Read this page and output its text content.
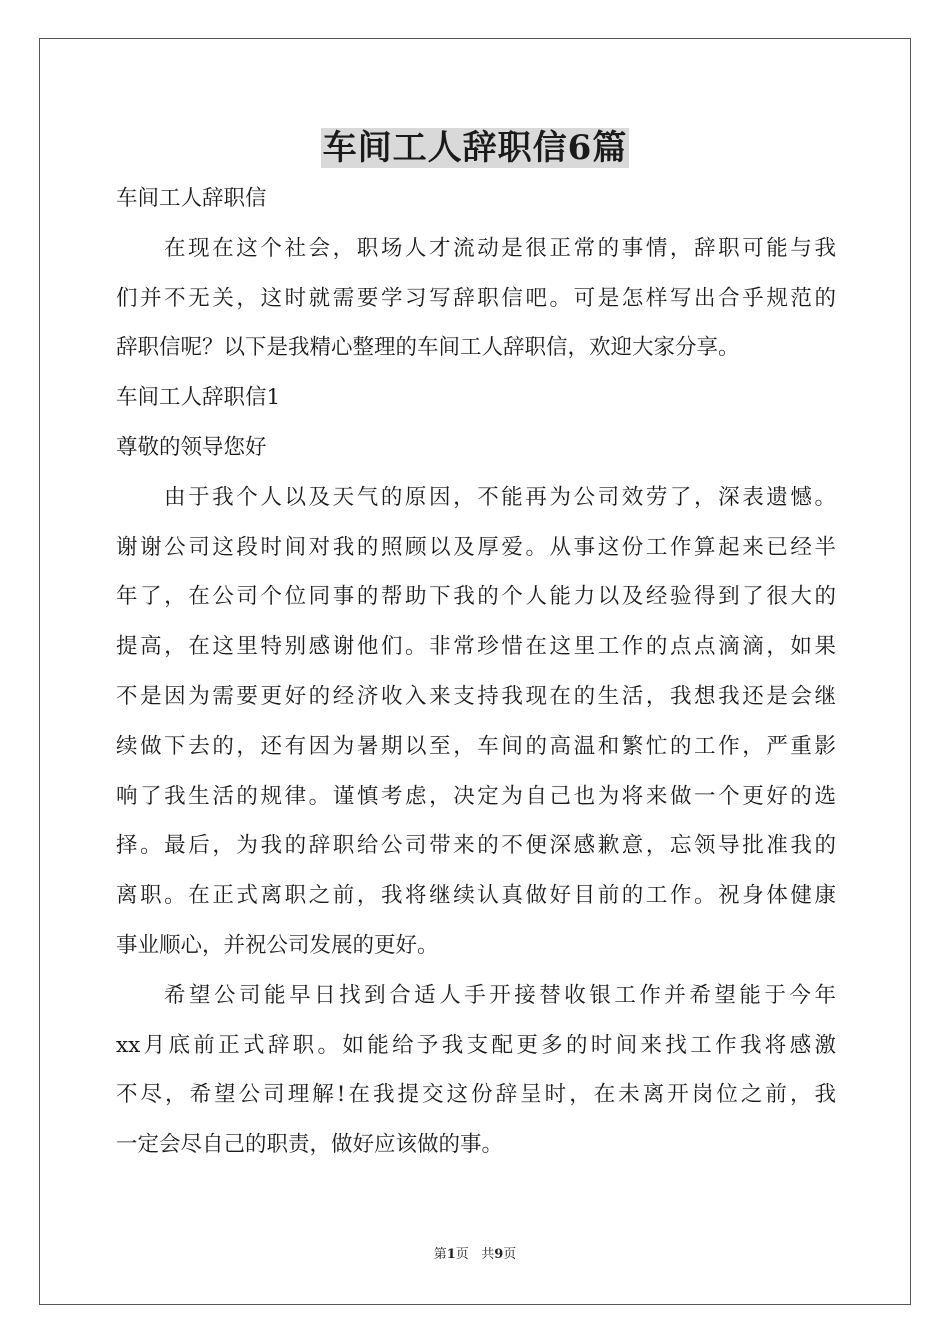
车间工人辞职信6篇
车间工人辞职信
在现在这个社会，职场人才流动是很正常的事情，辞职可能与我
们并不无关，这时就需要学习写辞职信吧。可是怎样写出合乎规范的
辞职信呢？以下是我精心整理的车间工人辞职信，欢迎大家分享。
车间工人辞职信1
尊敬的领导您好
由于我个人以及天气的原因，不能再为公司效劳了，深表遗憾。
谢谢公司这段时间对我的照顾以及厚爱。从事这份工作算起来已经半
年了，在公司个位同事的帮助下我的个人能力以及经验得到了很大的
提高，在这里特别感谢他们。非常珍惜在这里工作的点点滴滴，如果
不是因为需要更好的经济收入来支持我现在的生活，我想我还是会继
续做下去的，还有因为暑期以至，车间的高温和繁忙的工作，严重影
响了我生活的规律。谨慎考虑，决定为自己也为将来做一个更好的选
择。最后，为我的辞职给公司带来的不便深感歉意，忘领导批准我的
离职。在正式离职之前，我将继续认真做好目前的工作。祝身体健康
事业顺心，并祝公司发展的更好。
希望公司能早日找到合适人手开接替收银工作并希望能于今年
xx月底前正式辞职。如能给予我支配更多的时间来找工作我将感激
不尽，希望公司理解!在我提交这份辞呈时，在未离开岗位之前，我
一定会尽自己的职责，做好应该做的事。
第1页 共9页
